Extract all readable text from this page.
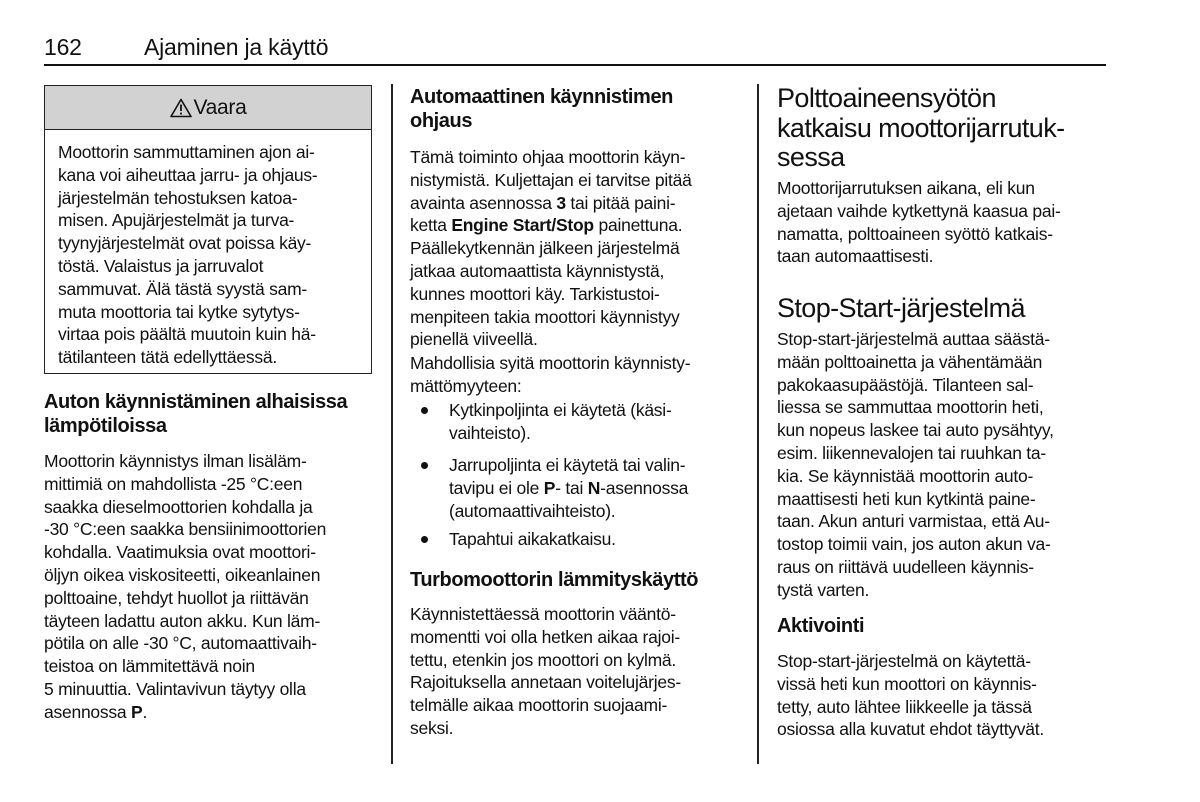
162	Ajaminen ja käyttö
Vaara
Moottorin sammuttaminen ajon ai-
kana voi aiheuttaa jarru- ja ohjaus-
järjestelmän tehostuksen katoa-
misen. Apujärjestelmät ja turva-
tyynyjärjestelmät ovat poissa käy-
töstä. Valaistus ja jarruvalot
sammuvat. Älä tästä syystä sam-
muta moottoria tai kytke sytytys-
virtaa pois päältä muutoin kuin hä-
tätilanteen tätä edellyttäessä.
Auton käynnistäminen alhaisissa
lämpötiloissa
Moottorin käynnistys ilman lisäläm-
mittimiä on mahdollista -25 °C:een
saakka dieselmoottorien kohdalla ja
-30 °C:een saakka bensiinimoottorien
kohdalla. Vaatimuksia ovat moottori-
öljyn oikea viskositeetti, oikeanlainen
polttoaine, tehdyt huollot ja riittävän
täyteen ladattu auton akku. Kun läm-
pötila on alle -30 °C, automaattivaih-
teistoa on lämmitettävä noin
5 minuuttia. Valintavivun täytyy olla
asennossa P.
Automaattinen käynnistimen
ohjaus
Tämä toiminto ohjaa moottorin käyn-
nistymistä. Kuljettajan ei tarvitse pitää
avainta asennossa 3 tai pitää paini-
ketta Engine Start/Stop painettuna.
Päällekytkennän jälkeen järjestelmä
jatkaa automaattista käynnistystä,
kunnes moottori käy. Tarkistustoi-
menpiteen takia moottori käynnistyy
pienellä viiveellä.
Mahdollisia syitä moottorin käynnisty-
mättömyyteen:
Kytkinpoljinta ei käytetä (käsi-
vaihteisto).
Jarrupoljinta ei käytetä tai valin-
tavipu ei ole P- tai N-asennossa
(automaattivaihteisto).
Tapahtui aikakatkaisu.
Turbomoottorin lämmityskäyttö
Käynnistettäessä moottorin vääntö-
momentti voi olla hetken aikaa rajoi-
tettu, etenkin jos moottori on kylmä.
Rajoituksella annetaan voitelujärjes-
telmälle aikaa moottorin suojaami-
seksi.
Polttoaineensyötön
katkaisu moottorijarrutuk-
sessa
Moottorijarrutuksen aikana, eli kun
ajetaan vaihde kytkettynä kaasua pai-
namatta, polttoaineen syöttö katkais-
taan automaattisesti.
Stop-Start-järjestelmä
Stop-start-järjestelmä auttaa säästä-
mään polttoainetta ja vähentämään
pakokaasupäästöjä. Tilanteen sal-
liessa se sammuttaa moottorin heti,
kun nopeus laskee tai auto pysähtyy,
esim. liikennevalojen tai ruuhkan ta-
kia. Se käynnistää moottorin auto-
maattisesti heti kun kytkintä paine-
taan. Akun anturi varmistaa, että Au-
tostop toimii vain, jos auton akun va-
raus on riittävä uudelleen käynnis-
tystä varten.
Aktivointi
Stop-start-järjestelmä on käytettä-
vissä heti kun moottori on käynnis-
tetty, auto lähtee liikkeelle ja tässä
osiossa alla kuvatut ehdot täyttyvät.
